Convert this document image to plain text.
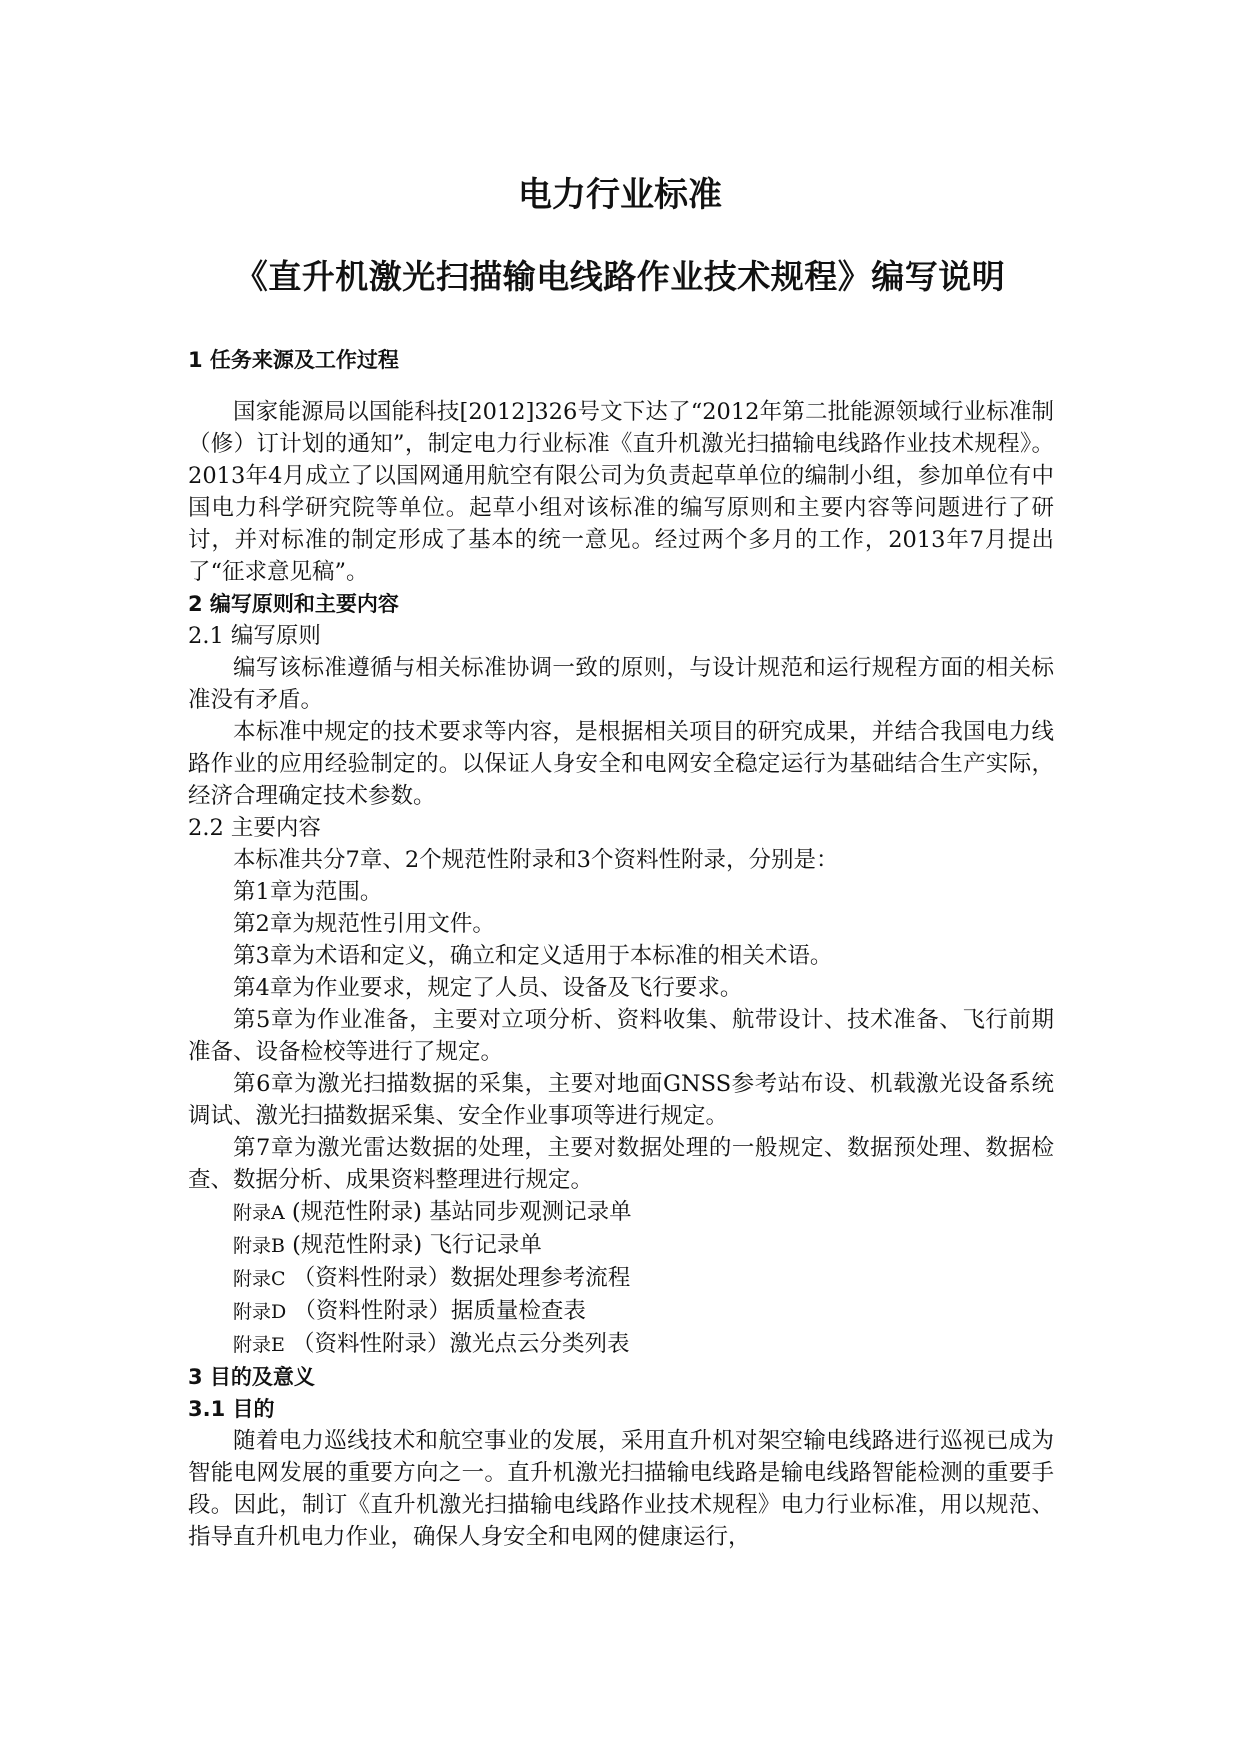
电力行业标准
《直升机激光扫描输电线路作业技术规程》编写说明
1 任务来源及工作过程

国家能源局以国能科技[2012]326号文下达了“2012年第二批能源领域行业标准制（修）订计划的通知”，制定电力行业标准《直升机激光扫描输电线路作业技术规程》。2013年4月成立了以国网通用航空有限公司为负责起草单位的编制小组，参加单位有中国电力科学研究院等单位。起草小组对该标准的编写原则和主要内容等问题进行了研讨，并对标准的制定形成了基本的统一意见。经过两个多月的工作，2013年7月提出了“征求意见稿”。

2 编写原则和主要内容
2.1 编写原则

编写该标准遵循与相关标准协调一致的原则，与设计规范和运行规程方面的相关标准没有矛盾。

本标准中规定的技术要求等内容，是根据相关项目的研究成果，并结合我国电力线路作业的应用经验制定的。以保证人身安全和电网安全稳定运行为基础结合生产实际，经济合理确定技术参数。

2.2 主要内容

本标准共分7章、2个规范性附录和3个资料性附录，分别是：

第1章为范围。

第2章为规范性引用文件。

第3章为术语和定义，确立和定义适用于本标准的相关术语。

第4章为作业要求，规定了人员、设备及飞行要求。

第5章为作业准备，主要对立项分析、资料收集、航带设计、技术准备、飞行前期准备、设备检校等进行了规定。

第6章为激光扫描数据的采集，主要对地面GNSS参考站布设、机载激光设备系统调试、激光扫描数据采集、安全作业事项等进行规定。

第7章为激光雷达数据的处理，主要对数据处理的一般规定、数据预处理、数据检查、数据分析、成果资料整理进行规定。

附录A (规范性附录) 基站同步观测记录单

附录B (规范性附录) 飞行记录单

附录C （资料性附录）数据处理参考流程

附录D （资料性附录）据质量检查表

附录E （资料性附录）激光点云分类列表

3 目的及意义
3.1 目的

随着电力巡线技术和航空事业的发展，采用直升机对架空输电线路进行巡视已成为智能电网发展的重要方向之一。直升机激光扫描输电线路是输电线路智能检测的重要手段。因此，制订《直升机激光扫描输电线路作业技术规程》电力行业标准，用以规范、指导直升机电力作业，确保人身安全和电网的健康运行，
